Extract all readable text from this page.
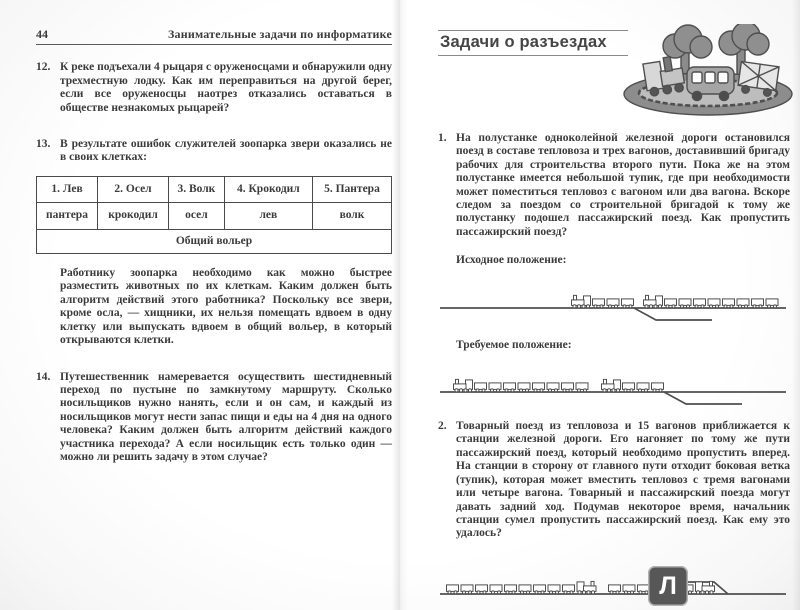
44	Занимательные задачи по информатике
12. К реке подъехали 4 рыцаря с оруженосцами и обнаружили одну трехместную лодку. Как им переправиться на другой берег, если все оруженосцы наотрез отказались оставаться в обществе незнакомых рыцарей?
13. В результате ошибок служителей зоопарка звери оказались не в своих клетках:
1. Лев	2. Осел	3. Волк	4. Крокодил	5. Пантера
пантера	крокодил	осел	лев	волк
Общий вольер				
Работнику зоопарка необходимо как можно быстрее разместить животных по их клеткам. Каким должен быть алгоритм действий этого работника? Поскольку все звери, кроме осла, — хищники, их нельзя помещать вдвоем в одну клетку или выпускать вдвоем в общий вольер, в который открываются клетки.
14. Путешественник намеревается осуществить шестидневный переход по пустыне по замкнутому маршруту. Сколько носильщиков нужно нанять, если и он сам, и каждый из носильщиков могут нести запас пищи и еды на 4 дня на одного человека? Каким должен быть алгоритм действий каждого участника перехода? А если носильщик есть только один — можно ли решить задачу в этом случае?
Задачи о разъездах
1. На полустанке одноколейной железной дороги остановился поезд в составе тепловоза и трех вагонов, доставивший бригаду рабочих для строительства второго пути. Пока же на этом полустанке имеется небольшой тупик, где при необходимости может поместиться тепловоз с вагоном или два вагона. Вскоре следом за поездом со строительной бригадой к тому же полустанку подошел пассажирский поезд. Как пропустить пассажирский поезд?
Исходное положение:
Требуемое положение:
2. Товарный поезд из тепловоза и 15 вагонов приближается к станции железной дороги. Его нагоняет по тому же пути пассажирский поезд, который необходимо пропустить вперед. На станции в сторону от главного пути отходит боковая ветка (тупик), которая может вместить тепловоз с тремя вагонами или четыре вагона. Товарный и пассажирский поезда могут давать задний ход. Подумав некоторое время, начальник станции сумел пропустить пассажирский поезд. Как ему это удалось?
Л
